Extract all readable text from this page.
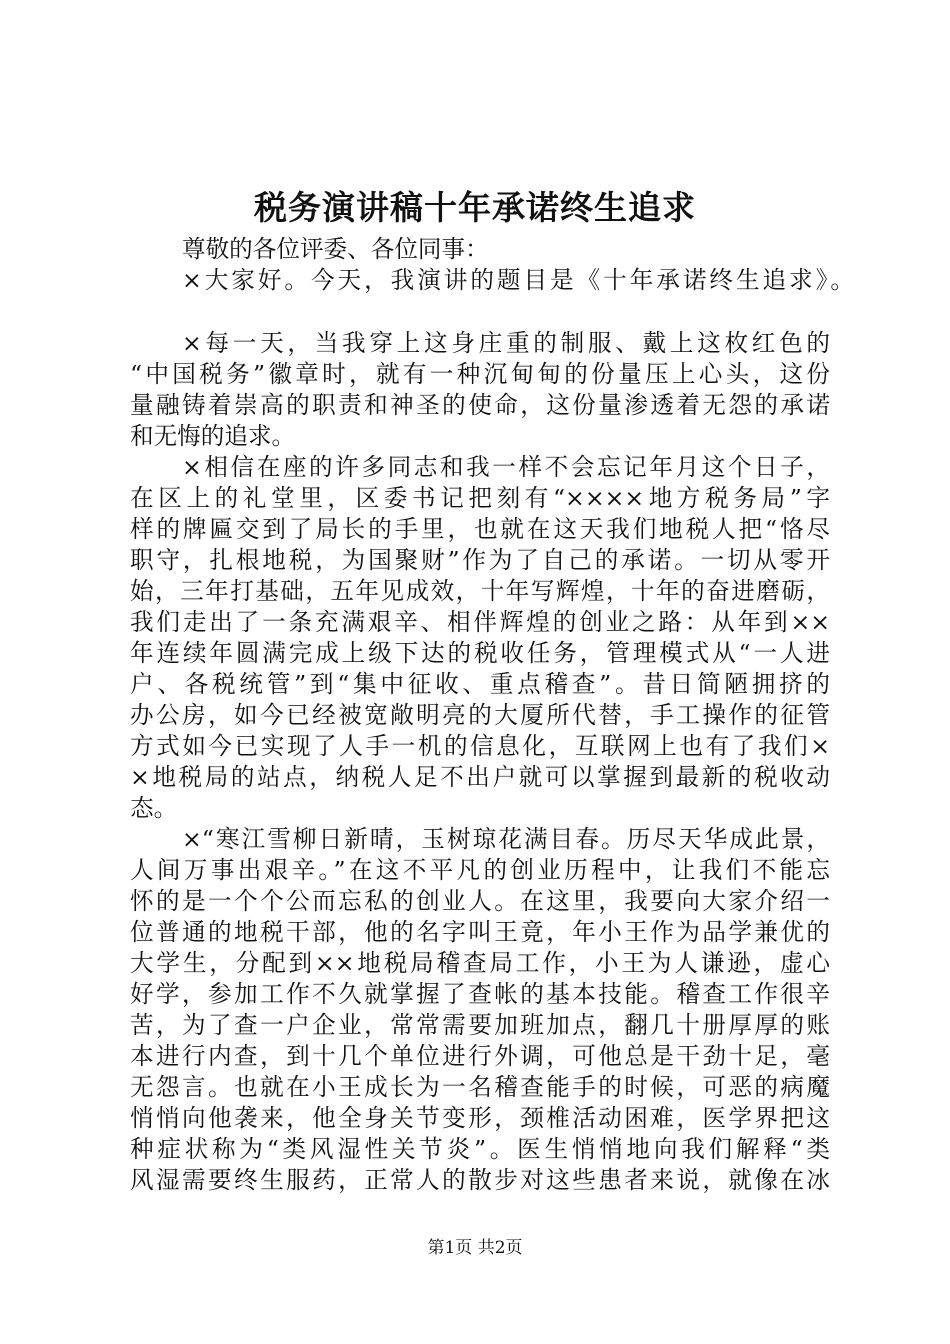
税务演讲稿十年承诺终生追求
尊敬的各位评委、各位同事：
×大家好。今天，我演讲的题目是《十年承诺终生追求》。
×每一天，当我穿上这身庄重的制服、戴上这枚红色的
“中国税务”徽章时，就有一种沉甸甸的份量压上心头，这份
量融铸着崇高的职责和神圣的使命，这份量渗透着无怨的承诺
和无悔的追求。
×相信在座的许多同志和我一样不会忘记年月这个日子，
在区上的礼堂里，区委书记把刻有“××××地方税务局”字
样的牌匾交到了局长的手里，也就在这天我们地税人把“恪尽
职守，扎根地税，为国聚财”作为了自己的承诺。一切从零开
始，三年打基础，五年见成效，十年写辉煌，十年的奋进磨砺，
我们走出了一条充满艰辛、相伴辉煌的创业之路：从年到××
年连续年圆满完成上级下达的税收任务，管理模式从“一人进
户、各税统管”到“集中征收、重点稽查”。昔日简陋拥挤的
办公房，如今已经被宽敞明亮的大厦所代替，手工操作的征管
方式如今已实现了人手一机的信息化，互联网上也有了我们×
×地税局的站点，纳税人足不出户就可以掌握到最新的税收动
态。
×“寒江雪柳日新晴，玉树琼花满目春。历尽天华成此景，
人间万事出艰辛。”在这不平凡的创业历程中，让我们不能忘
怀的是一个个公而忘私的创业人。在这里，我要向大家介绍一
位普通的地税干部，他的名字叫王竟，年小王作为品学兼优的
大学生，分配到××地税局稽查局工作，小王为人谦逊，虚心
好学，参加工作不久就掌握了查帐的基本技能。稽查工作很辛
苦，为了查一户企业，常常需要加班加点，翻几十册厚厚的账
本进行内查，到十几个单位进行外调，可他总是干劲十足，毫
无怨言。也就在小王成长为一名稽查能手的时候，可恶的病魔
悄悄向他袭来，他全身关节变形，颈椎活动困难，医学界把这
种症状称为“类风湿性关节炎”。医生悄悄地向我们解释“类
风湿需要终生服药，正常人的散步对这些患者来说，就像在冰
第1页 共2页
